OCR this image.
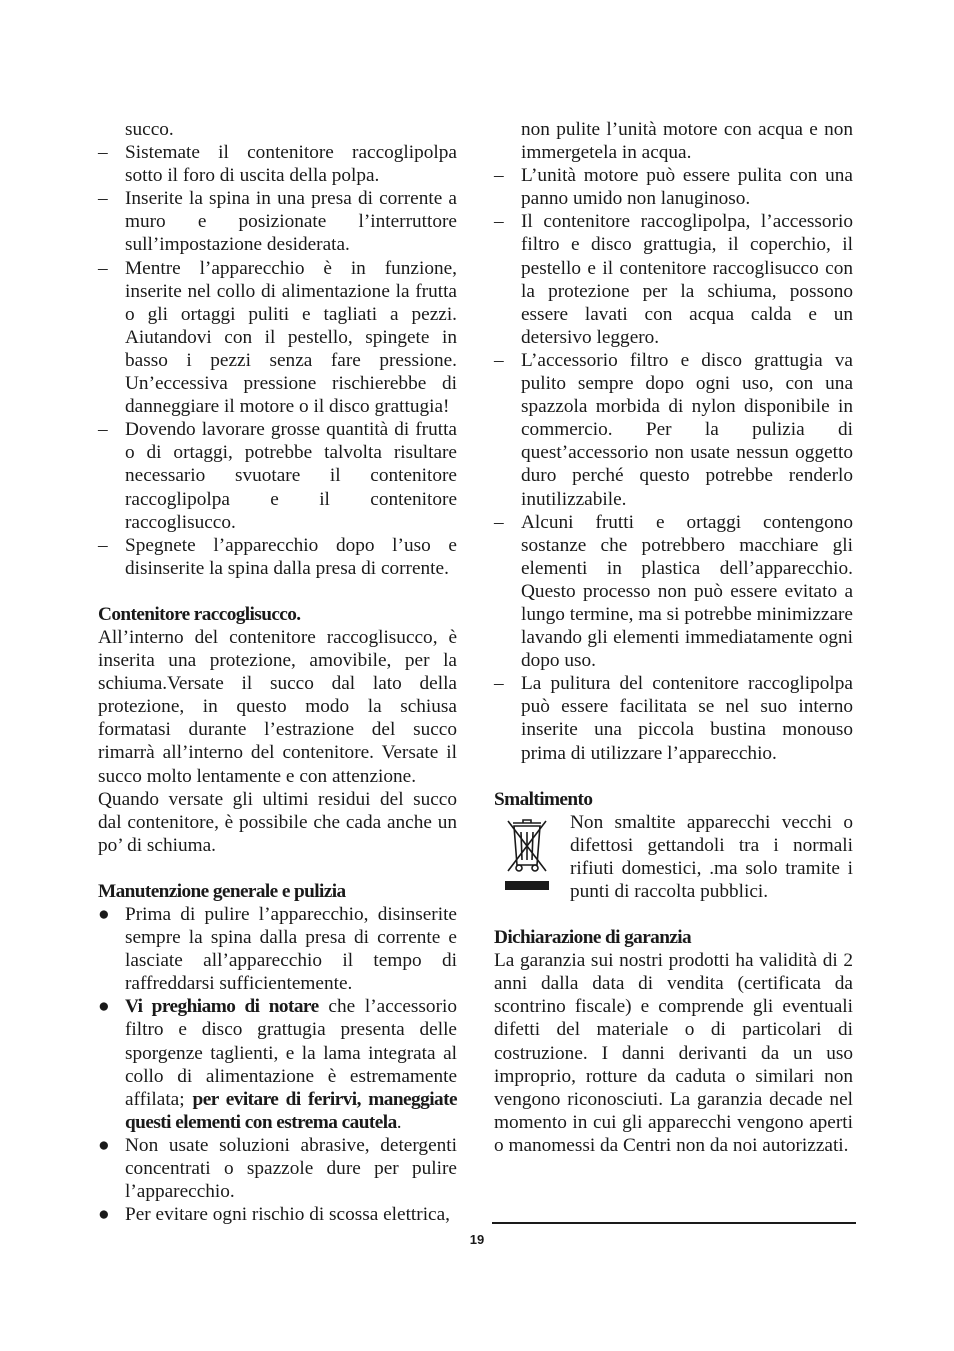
succo.
– Sistemate il contenitore raccoglipolpa sotto il foro di uscita della polpa.
– Inserite la spina in una presa di corrente a muro e posizionate l’interruttore sull’impostazione desiderata.
– Mentre l’apparecchio è in funzione, inserite nel collo di alimentazione la frutta o gli ortaggi puliti e tagliati a pezzi. Aiutandovi con il pestello, spingete in basso i pezzi senza fare pressione. Un’eccessiva pressione rischierebbe di danneggiare il motore o il disco grattugia!
– Dovendo lavorare grosse quantità di frutta o di ortaggi, potrebbe talvolta risultare necessario svuotare il contenitore raccoglipolpa e il contenitore raccoglisucco.
– Spegnete l’apparecchio dopo l’uso e disinserite la spina dalla presa di corrente.
Contenitore raccoglisucco.

All’interno del contenitore raccoglisucco, è inserita una protezione, amovibile, per la schiuma.Versate il succo dal lato della protezione, in questo modo la schiusa formatasi durante l’estrazione del succo rimarrà all’interno del contenitore. Versate il succo molto lentamente e con attenzione.

Quando versate gli ultimi residui del succo dal contenitore, è possibile che cada anche un po’ di schiuma.

Manutenzione generale e pulizia
● Prima di pulire l’apparecchio, disinserite sempre la spina dalla presa di corrente e lasciate all’apparecchio il tempo di raffreddarsi sufficientemente.
● Vi preghiamo di notare che l’accessorio filtro e disco grattugia presenta delle sporgenze taglienti, e la lama integrata al collo di alimentazione è estremamente affilata; per evitare di ferirvi, maneggiate questi elementi con estrema cautela.
● Non usate soluzioni abrasive, detergenti concentrati o spazzole dure per pulire l’apparecchio.
● Per evitare ogni rischio di scossa elettrica,
non pulite l’unità motore con acqua e non immergetela in acqua.
– L’unità motore può essere pulita con una panno umido non lanuginoso.
– Il contenitore raccoglipolpa, l’accessorio filtro e disco grattugia, il coperchio, il pestello e il contenitore raccoglisucco con la protezione per la schiuma, possono essere lavati con acqua calda e un detersivo leggero.
– L’accessorio filtro e disco grattugia va pulito sempre dopo ogni uso, con una spazzola morbida di nylon disponibile in commercio. Per la pulizia di quest’accessorio non usate nessun oggetto duro perché questo potrebbe renderlo inutilizzabile.
– Alcuni frutti e ortaggi contengono sostanze che potrebbero macchiare gli elementi in plastica dell’apparecchio. Questo processo non può essere evitato a lungo termine, ma si potrebbe minimizzare lavando gli elementi immediatamente ogni dopo uso.
– La pulitura del contenitore raccoglipolpa può essere facilitata se nel suo interno inserite una piccola bustina monouso prima di utilizzare l’apparecchio.
Smaltimento
Non smaltite apparecchi vecchi o difettosi gettandoli tra i normali rifiuti domestici, .ma solo tramite i punti di raccolta pubblici.
Dichiarazione di garanzia

La garanzia sui nostri prodotti ha validità di 2 anni dalla data di vendita (certificata da scontrino fiscale) e comprende gli eventuali difetti del materiale o di particolari di costruzione. I danni derivanti da un uso improprio, rotture da caduta o similari non vengono riconosciuti. La garanzia decade nel momento in cui gli apparecchi vengono aperti o manomessi da Centri non da noi autorizzati.

19
